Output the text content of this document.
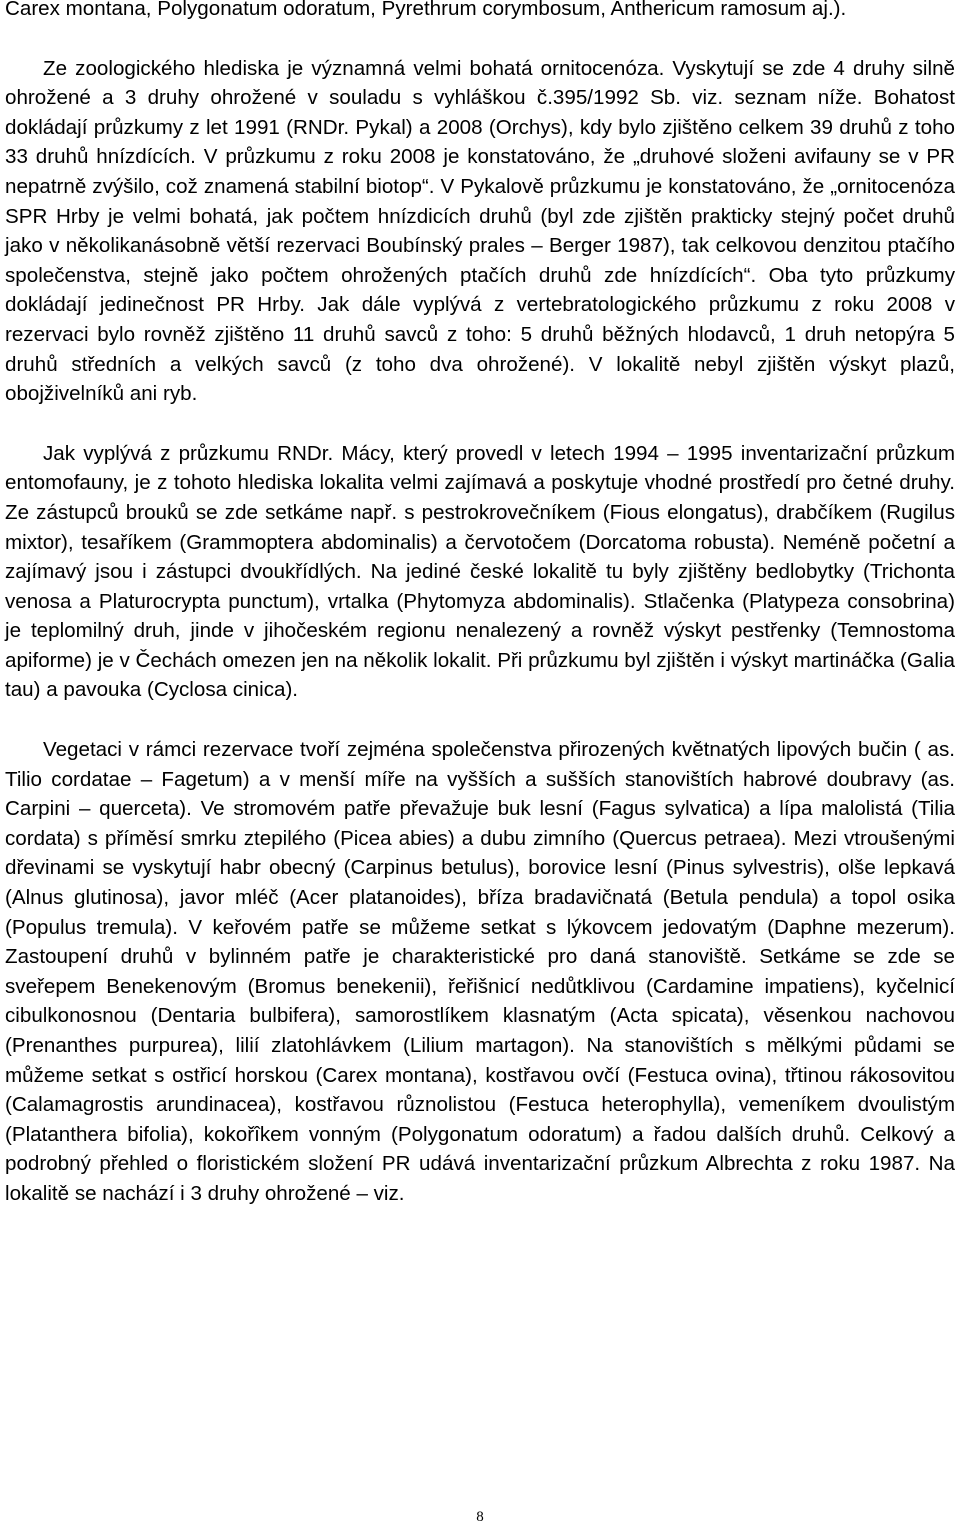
Carex montana, Polygonatum odoratum, Pyrethrum corymbosum, Anthericum ramosum aj.).

Ze zoologického hlediska je významná velmi bohatá ornitocenóza. Vyskytují se zde 4 druhy silně ohrožené a 3 druhy ohrožené v souladu s vyhláškou č.395/1992 Sb. viz. seznam níže. Bohatost dokládají průzkumy z let 1991 (RNDr. Pykal) a 2008 (Orchys), kdy bylo zjištěno celkem 39 druhů z toho 33 druhů hnízdících. V průzkumu z roku 2008 je konstatováno, že „druhové složeni avifauny se v PR nepatrně zvýšilo, což znamená stabilní biotop“. V Pykalově průzkumu je konstatováno, že „ornitocenóza SPR Hrby je velmi bohatá, jak počtem hnízdicích druhů (byl zde zjištěn prakticky stejný počet druhů jako v několikanásobně větší rezervaci Boubínský prales – Berger 1987), tak celkovou denzitou ptačího společenstva, stejně jako počtem ohrožených ptačích druhů zde hnízdících“. Oba tyto průzkumy dokládají jedinečnost PR Hrby. Jak dále vyplývá z vertebratologického průzkumu z roku 2008 v rezervaci bylo rovněž zjištěno 11 druhů savců z toho: 5 druhů běžných hlodavců, 1 druh netopýra 5 druhů středních a velkých savců (z toho dva ohrožené). V lokalitě nebyl zjištěn výskyt plazů, obojživelníků ani ryb.

Jak vyplývá z průzkumu RNDr. Mácy, který provedl v letech 1994 – 1995 inventarizační průzkum entomofauny, je z tohoto hlediska lokalita velmi zajímavá a poskytuje vhodné prostředí pro četné druhy. Ze zástupců brouků se zde setkáme např. s pestrokrovečníkem (Fious elongatus), drabčíkem (Rugilus mixtor), tesaříkem (Grammoptera abdominalis) a červotočem (Dorcatoma robusta). Neméně početní a zajímavý jsou i zástupci dvoukřídlých. Na jediné české lokalitě tu byly zjištěny bedlobytky (Trichonta venosa a Platurocrypta punctum), vrtalka (Phytomyza abdominalis). Stlačenka (Platypeza consobrina) je teplomilný druh, jinde v jihočeském regionu nenalezený a rovněž výskyt pestřenky (Temnostoma apiforme) je v Čechách omezen jen na několik lokalit. Při průzkumu byl zjištěn i výskyt martináčka (Galia tau) a pavouka (Cyclosa cinica).

Vegetaci v rámci rezervace tvoří zejména společenstva přirozených květnatých lipových bučin ( as. Tilio cordatae – Fagetum) a v menší míře na vyšších a sušších stanovištích habrové doubravy (as. Carpini – querceta). Ve stromovém patře převažuje buk lesní (Fagus sylvatica) a lípa malolistá (Tilia cordata) s příměsí smrku ztepilého (Picea abies) a dubu zimního (Quercus petraea). Mezi vtroušenými dřevinami se vyskytují habr obecný (Carpinus betulus), borovice lesní (Pinus sylvestris), olše lepkavá (Alnus glutinosa), javor mléč (Acer platanoides), bříza bradavičnatá (Betula pendula) a topol osika (Populus tremula). V keřovém patře se můžeme setkat s lýkovcem jedovatým (Daphne mezerum). Zastoupení druhů v bylinném patře je charakteristické pro daná stanoviště. Setkáme se zde se sveřepem Benekenovým (Bromus benekenii), řeřišnicí nedůtklivou (Cardamine impatiens), kyčelnicí cibulkonosnou (Dentaria bulbifera), samorostlíkem klasnatým (Acta spicata), věsenkou nachovou (Prenanthes purpurea), lilií zlatohlávkem (Lilium martagon). Na stanovištích s mělkými půdami se můžeme setkat s ostřicí horskou (Carex montana), kostřavou ovčí (Festuca ovina), třtinou rákosovitou (Calamagrostis arundinacea), kostřavou různolistou (Festuca heterophylla), vemeníkem dvoulistým (Platanthera bifolia), kokořîkem vonným (Polygonatum odoratum) a řadou dalších druhů. Celkový a podrobný přehled o floristickém složení PR udává inventarizační průzkum Albrechta z roku 1987. Na lokalitě se nachází i 3 druhy ohrožené – viz.

8
